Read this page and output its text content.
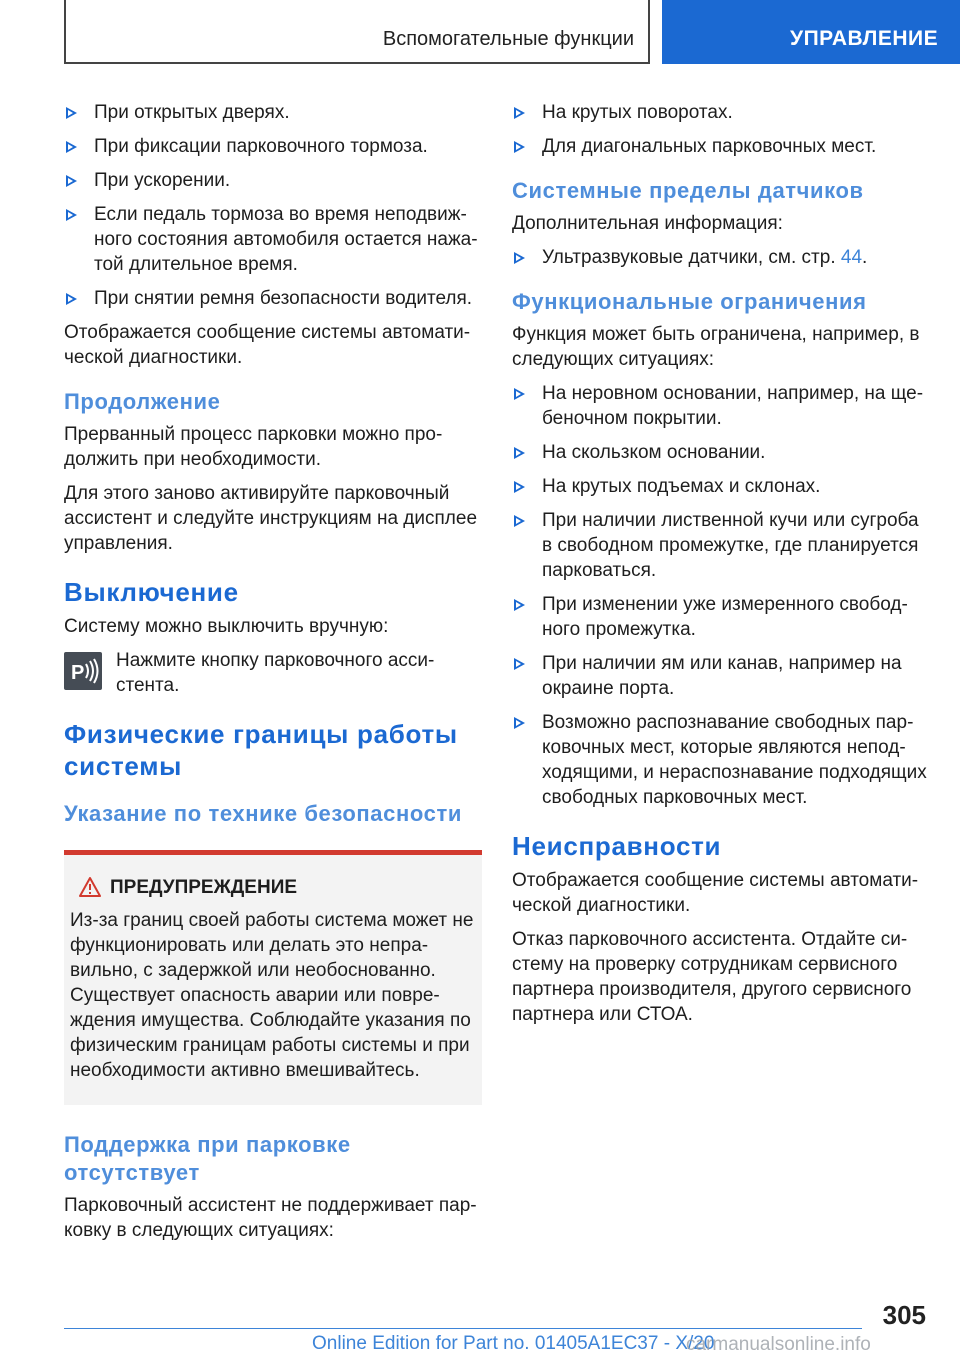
Вспомогательные функции	УПРАВЛЕНИЕ
При открытых дверях.
При фиксации парковочного тормоза.
При ускорении.
Если педаль тормоза во время неподвиж-ного состояния автомобиля остается нажа-той длительное время.
При снятии ремня безопасности водителя.
Отображается сообщение системы автомати-ческой диагностики.
Продолжение
Прерванный процесс парковки можно про-должить при необходимости.
Для этого заново активируйте парковочный ассистент и следуйте инструкциям на дисплее управления.
Выключение
Систему можно выключить вручную:
P
Нажмите кнопку парковочного асси-стента.
Физические границы работы системы
Указание по технике безопасности
ПРЕДУПРЕЖДЕНИЕ
Из-за границ своей работы система может не функционировать или делать это непра-вильно, с задержкой или необоснованно. Существует опасность аварии или повре-ждения имущества. Соблюдайте указания по физическим границам работы системы и при необходимости активно вмешивайтесь.
Поддержка при парковке отсутствует
Парковочный ассистент не поддерживает пар-ковку в следующих ситуациях:
На крутых поворотах.
Для диагональных парковочных мест.
Системные пределы датчиков
Дополнительная информация:
Ультразвуковые датчики, см. стр. 44.
Функциональные ограничения
Функция может быть ограничена, например, в следующих ситуациях:
На неровном основании, например, на ще-беночном покрытии.
На скользком основании.
На крутых подъемах и склонах.
При наличии лиственной кучи или сугроба в свободном промежутке, где планируется парковаться.
При изменении уже измеренного свобод-ного промежутка.
При наличии ям или канав, например на окраине порта.
Возможно распознавание свободных пар-ковочных мест, которые являются непод-ходящими, и нераспознавание подходящих свободных парковочных мест.
Неисправности
Отображается сообщение системы автомати-ческой диагностики.
Отказ парковочного ассистента. Отдайте си-стему на проверку сотрудникам сервисного партнера производителя, другого сервисного партнера или СТОА.
305
Online Edition for Part no. 01405A1EC37 - X/20
carmanualsonline.info
